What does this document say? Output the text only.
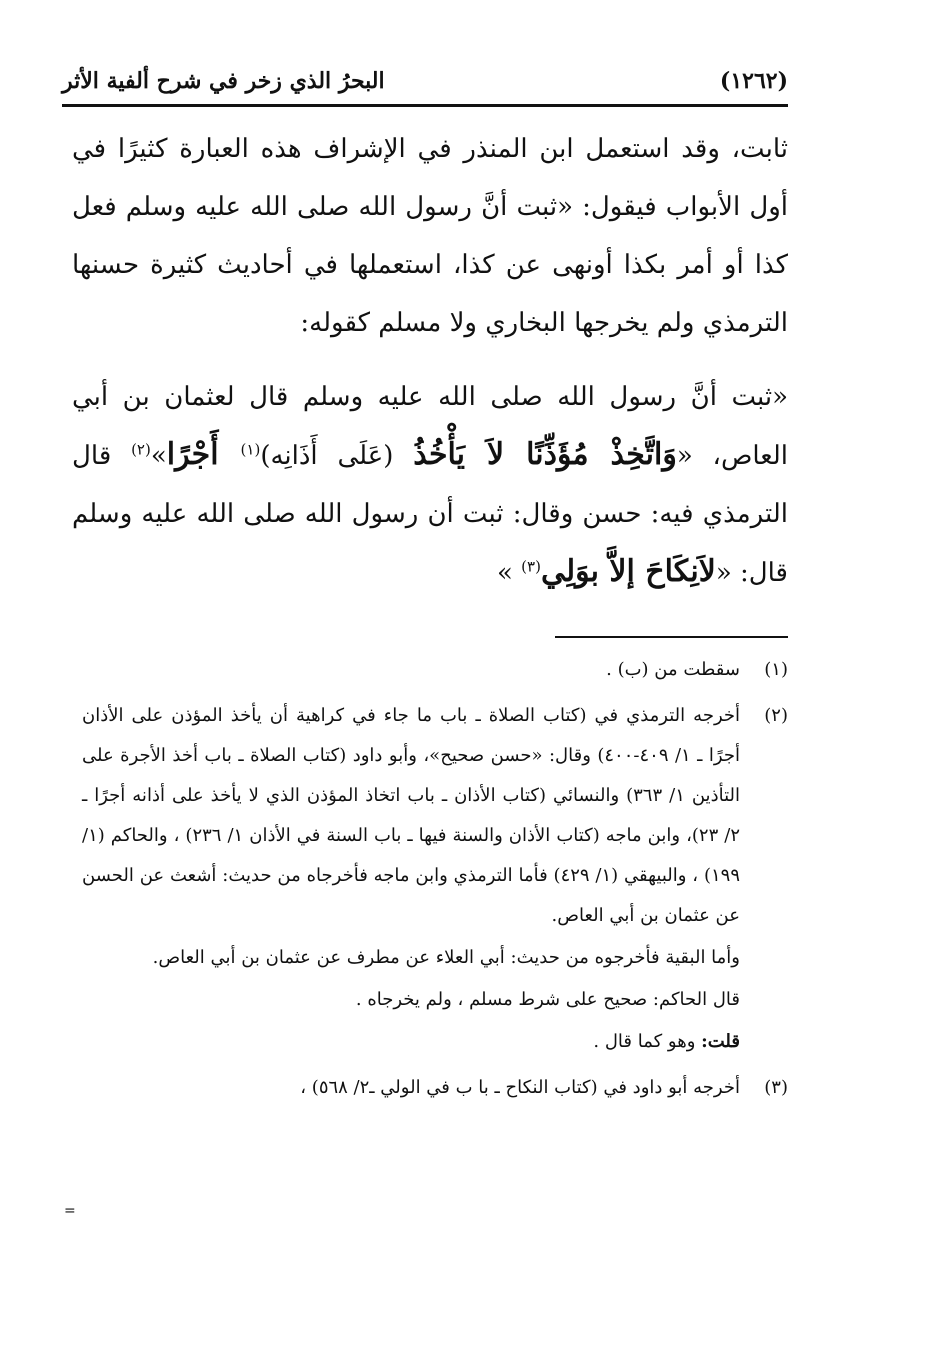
(١٢٦٢)
البحرُ الذي زخر في شرح ألفية الأثر

ثابت، وقد استعمل ابن المنذر في الإشراف هذه العبارة كثيرًا في أول الأبواب فيقول: «ثبت أنَّ رسول الله صلى الله عليه وسلم فعل كذا أو أمر بكذا أونهى عن كذا، استعملها في أحاديث كثيرة حسنها الترمذي ولم يخرجها البخاري ولا مسلم كقوله:

«ثبت أنَّ رسول الله صلى الله عليه وسلم قال لعثمان بن أبي العاص، «وَاتَّخِذْ مُؤَذِّنًا لاَ يَأْخُذُ (عَلَى أَذَانِه)$^{(١)}$ أَجْرًا»$^{(٢)}$ قال الترمذي فيه: حسن وقال: ثبت أن رسول الله صلى الله عليه وسلم قال: «لاَنِكَاحَ إلاَّ بوَلِي$^{(٣)}$ »

(١)
سقطت من (ب) .
(٢)

أخرجه الترمذي في (كتاب الصلاة ـ باب ما جاء في كراهية أن يأخذ المؤذن على الأذان أجرًا ـ ١/ ٤٠٩-٤٠٠) وقال: «حسن صحيح»، وأبو داود (كتاب الصلاة ـ باب أخذ الأجرة على التأذين ١/ ٣٦٣) والنسائي (كتاب الأذان ـ باب اتخاذ المؤذن الذي لا يأخذ على أذانه أجرًا ـ ٢/ ٢٣)، وابن ماجه (كتاب الأذان والسنة فيها ـ باب السنة في الأذان ١/ ٢٣٦) ، والحاكم (١/ ١٩٩) ، والبيهقي (١/ ٤٢٩) فأما الترمذي وابن ماجه فأخرجاه من حديث: أشعث عن الحسن عن عثمان بن أبي العاص.

وأما البقية فأخرجوه من حديث: أبي العلاء عن مطرف عن عثمان بن أبي العاص.

قال الحاكم: صحيح على شرط مسلم ، ولم يخرجاه .

قلت: وهو كما قال .

(٣)
أخرجه أبو داود في (كتاب النكاح ـ با ب في الولي ـ٢/ ٥٦٨) ،
=
